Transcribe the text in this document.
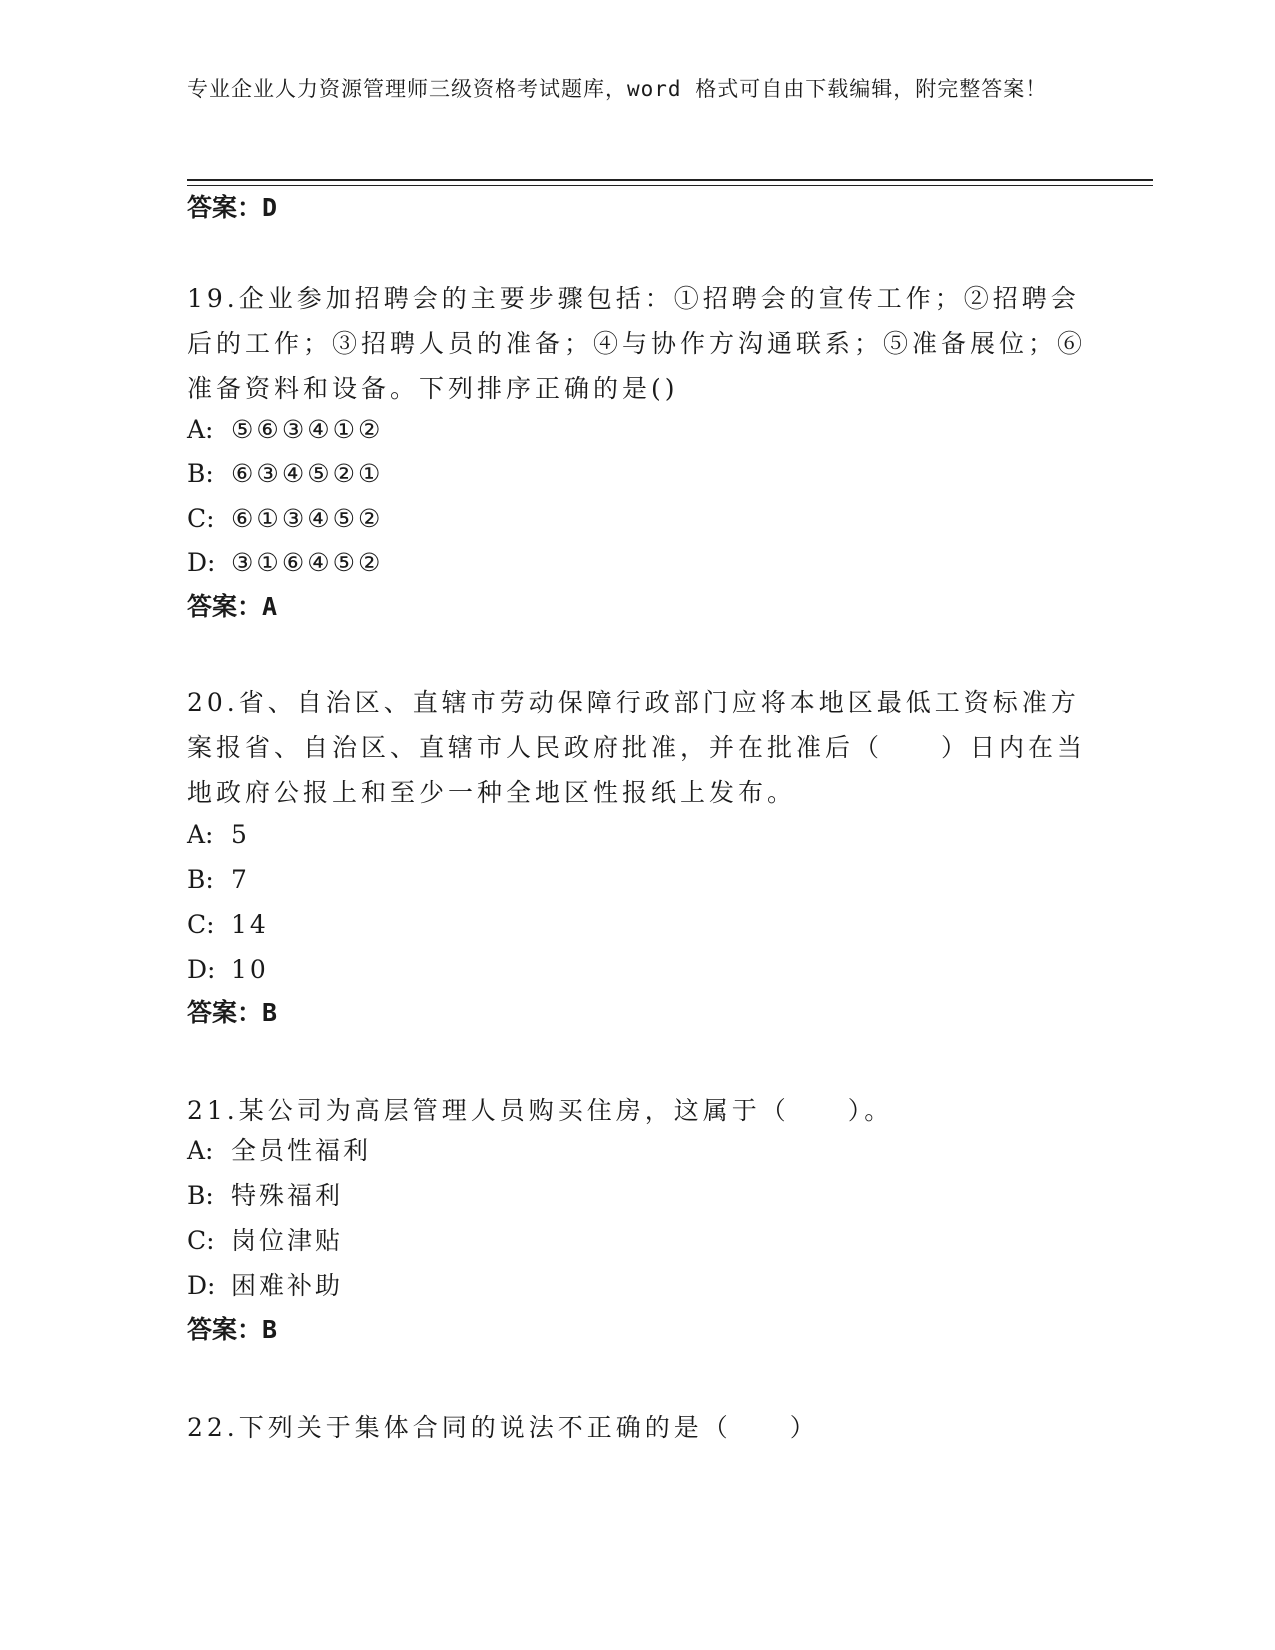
专业企业人力资源管理师三级资格考试题库，word 格式可自由下载编辑，附完整答案！
答案：D
19.企业参加招聘会的主要步骤包括：①招聘会的宣传工作；②招聘会后的工作；③招聘人员的准备；④与协作方沟通联系；⑤准备展位；⑥准备资料和设备。下列排序正确的是()
A: ⑤⑥③④①②
B: ⑥③④⑤②①
C: ⑥①③④⑤②
D: ③①⑥④⑤②
答案：A
20.省、自治区、直辖市劳动保障行政部门应将本地区最低工资标准方案报省、自治区、直辖市人民政府批准，并在批准后（　　）日内在当地政府公报上和至少一种全地区性报纸上发布。
A: 5
B: 7
C: 14
D: 10
答案：B
21.某公司为高层管理人员购买住房，这属于（　　）。
A: 全员性福利
B: 特殊福利
C: 岗位津贴
D: 困难补助
答案：B
22.下列关于集体合同的说法不正确的是（　　）
